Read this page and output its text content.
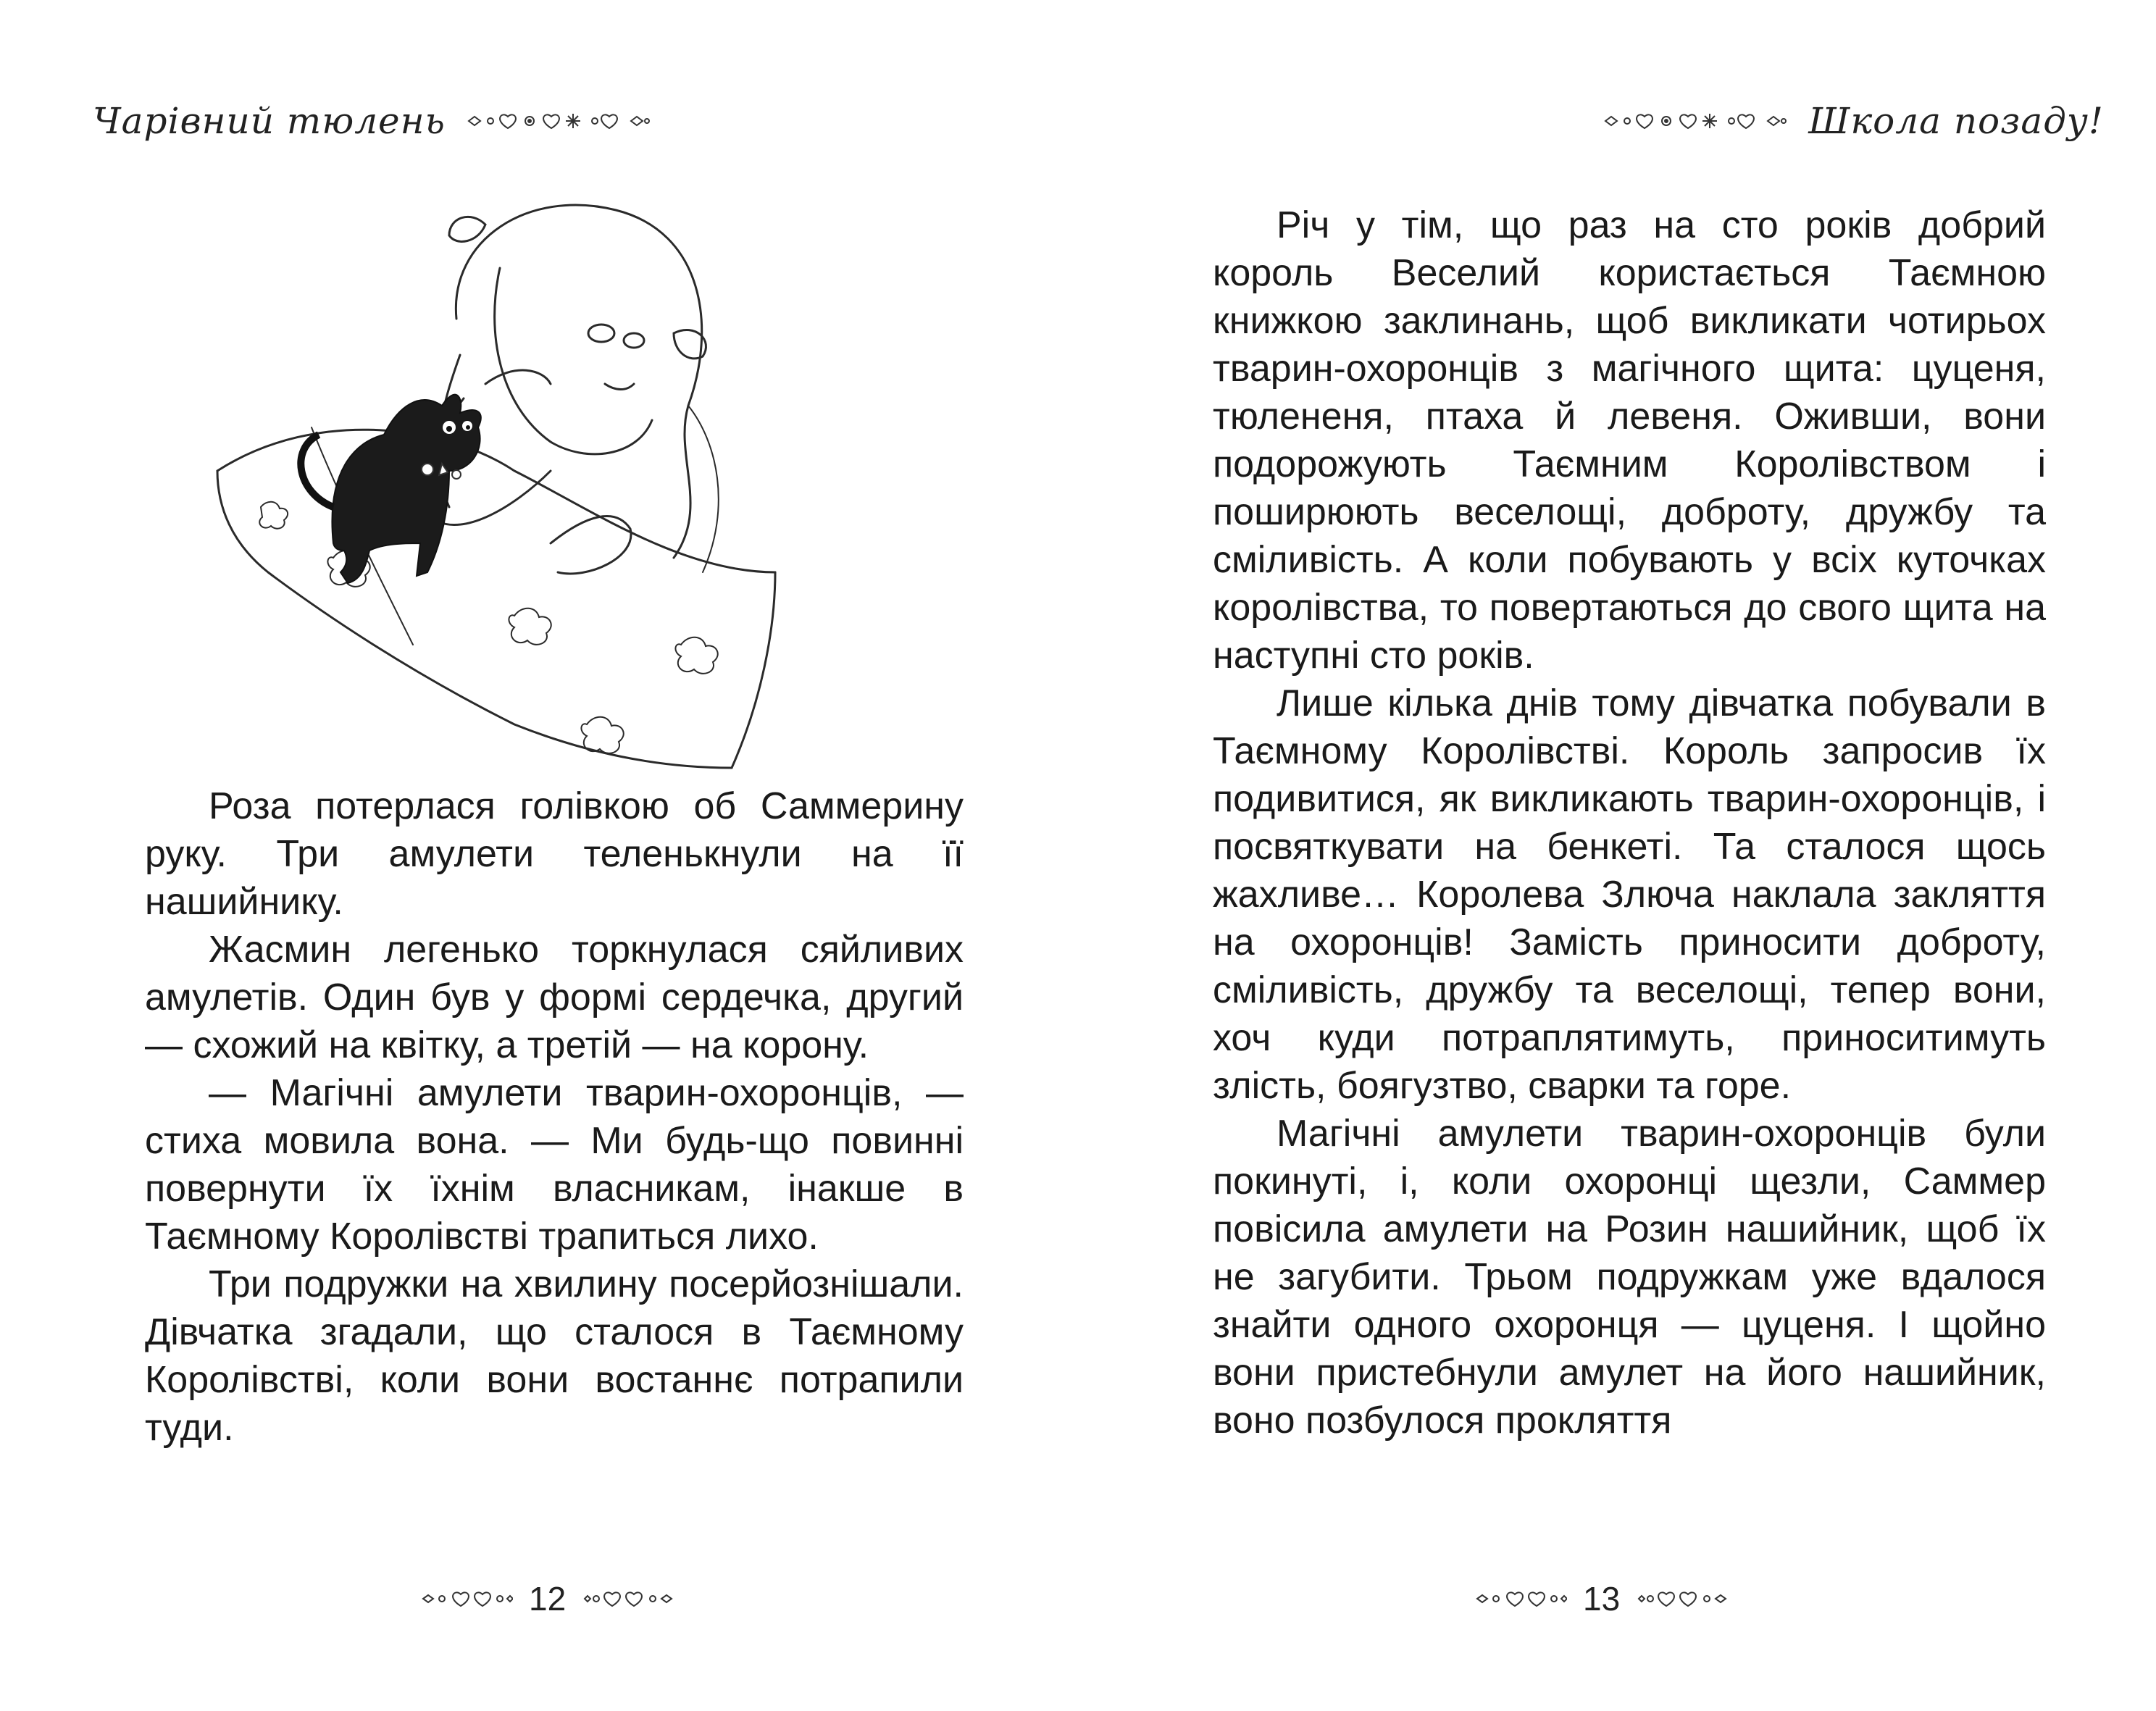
Чарівний тюлень

Роза потерлася голівкою об Саммерину руку. Три амулети теленькнули на її нашийнику.

Жасмин легенько торкнулася сяйливих амулетів. Один був у формі сердечка, другий — схожий на квітку, а третій — на корону.

— Магічні амулети тварин-охоронців, — стиха мовила вона. — Ми будь-що повинні повернути їх їхнім власникам, інакше в Таємному Королівстві трапиться лихо.

Три подружки на хвилину посерйознішали. Дівчатка згадали, що сталося в Таємному Королівстві, коли вони востаннє потрапили туди.

12
Школа позаду!

Річ у тім, що раз на сто років добрий король Веселий користається Таємною книжкою заклинань, щоб викликати чотирьох тварин-охоронців з магічного щита: цуценя, тюлененя, птаха й левеня. Оживши, вони подорожують Таємним Королівством і поширюють веселощі, доброту, дружбу та сміливість. А коли побувають у всіх куточках королівства, то повертаються до свого щита на наступні сто років.

Лише кілька днів тому дівчатка побували в Таємному Королівстві. Король запросив їх подивитися, як викликають тварин-охоронців, і посвяткувати на бенкеті. Та сталося щось жахливе… Королева Злюча наклала закляття на охоронців! Замість приносити доброту, сміливість, дружбу та веселощі, тепер вони, хоч куди потраплятимуть, приноситимуть злість, боягузтво, сварки та горе.

Магічні амулети тварин-охоронців були покинуті, і, коли охоронці щезли, Саммер повісила амулети на Розин нашийник, щоб їх не загубити. Трьом подружкам уже вдалося знайти одного охоронця — цуценя. І щойно вони пристебнули амулет на його нашийник, воно позбулося прокляття

13
